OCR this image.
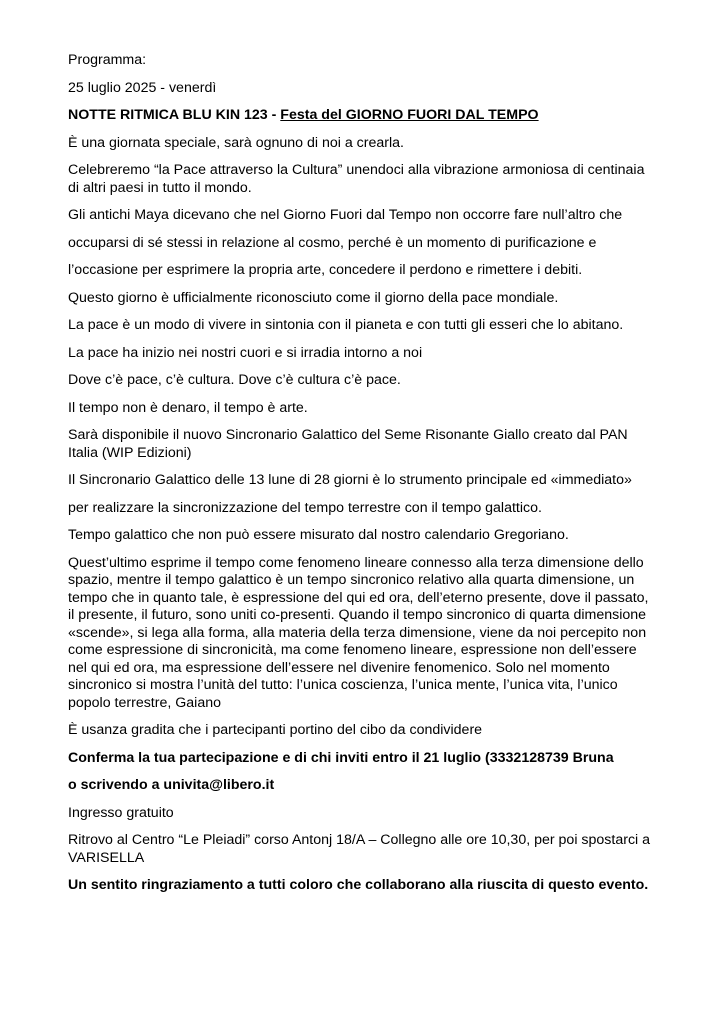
Programma:

25 luglio 2025 - venerdì

NOTTE RITMICA BLU KIN 123 - Festa del GIORNO FUORI DAL TEMPO

È una giornata speciale, sarà ognuno di noi a crearla.

Celebreremo “la Pace attraverso la Cultura” unendoci alla vibrazione armoniosa di centinaia di altri paesi in tutto il mondo.

Gli antichi Maya dicevano che nel Giorno Fuori dal Tempo non occorre fare null’altro che

occuparsi di sé stessi in relazione al cosmo, perché è un momento di purificazione e

l’occasione per esprimere la propria arte, concedere il perdono e rimettere i debiti.

Questo giorno è ufficialmente riconosciuto come il giorno della pace mondiale.

La pace è un modo di vivere in sintonia con il pianeta e con tutti gli esseri che lo abitano.

La pace ha inizio nei nostri cuori e si irradia intorno a noi

Dove c’è pace, c’è cultura. Dove c’è cultura c’è pace.

Il tempo non è denaro, il tempo è arte.

Sarà disponibile il nuovo Sincronario Galattico del Seme Risonante Giallo creato dal PAN Italia (WIP Edizioni)

Il Sincronario Galattico delle 13 lune di 28 giorni è lo strumento principale ed «immediato»

per realizzare la sincronizzazione del tempo terrestre con il tempo galattico.

Tempo galattico che non può essere misurato dal nostro calendario Gregoriano.

Quest’ultimo esprime il tempo come fenomeno lineare connesso alla terza dimensione dello spazio, mentre il tempo galattico è un tempo sincronico relativo alla quarta dimensione, un tempo che in quanto tale, è espressione del qui ed ora, dell’eterno presente, dove il passato, il presente, il futuro, sono uniti co-presenti. Quando il tempo sincronico di quarta dimensione «scende», si lega alla forma, alla materia della terza dimensione, viene da noi percepito non come espressione di sincronicità, ma come fenomeno lineare, espressione non dell’essere nel qui ed ora, ma espressione dell’essere nel divenire fenomenico. Solo nel momento sincronico si mostra l’unità del tutto: l’unica coscienza, l’unica mente, l’unica vita, l’unico popolo terrestre, Gaiano

È usanza gradita che i partecipanti portino del cibo da condividere

Conferma la tua partecipazione e di chi inviti entro il 21 luglio (3332128739 Bruna

o scrivendo a univita@libero.it

Ingresso gratuito

Ritrovo al Centro “Le Pleiadi” corso Antonj 18/A – Collegno alle ore 10,30, per poi spostarci a VARISELLA

Un sentito ringraziamento a tutti coloro che collaborano alla riuscita di questo evento.
